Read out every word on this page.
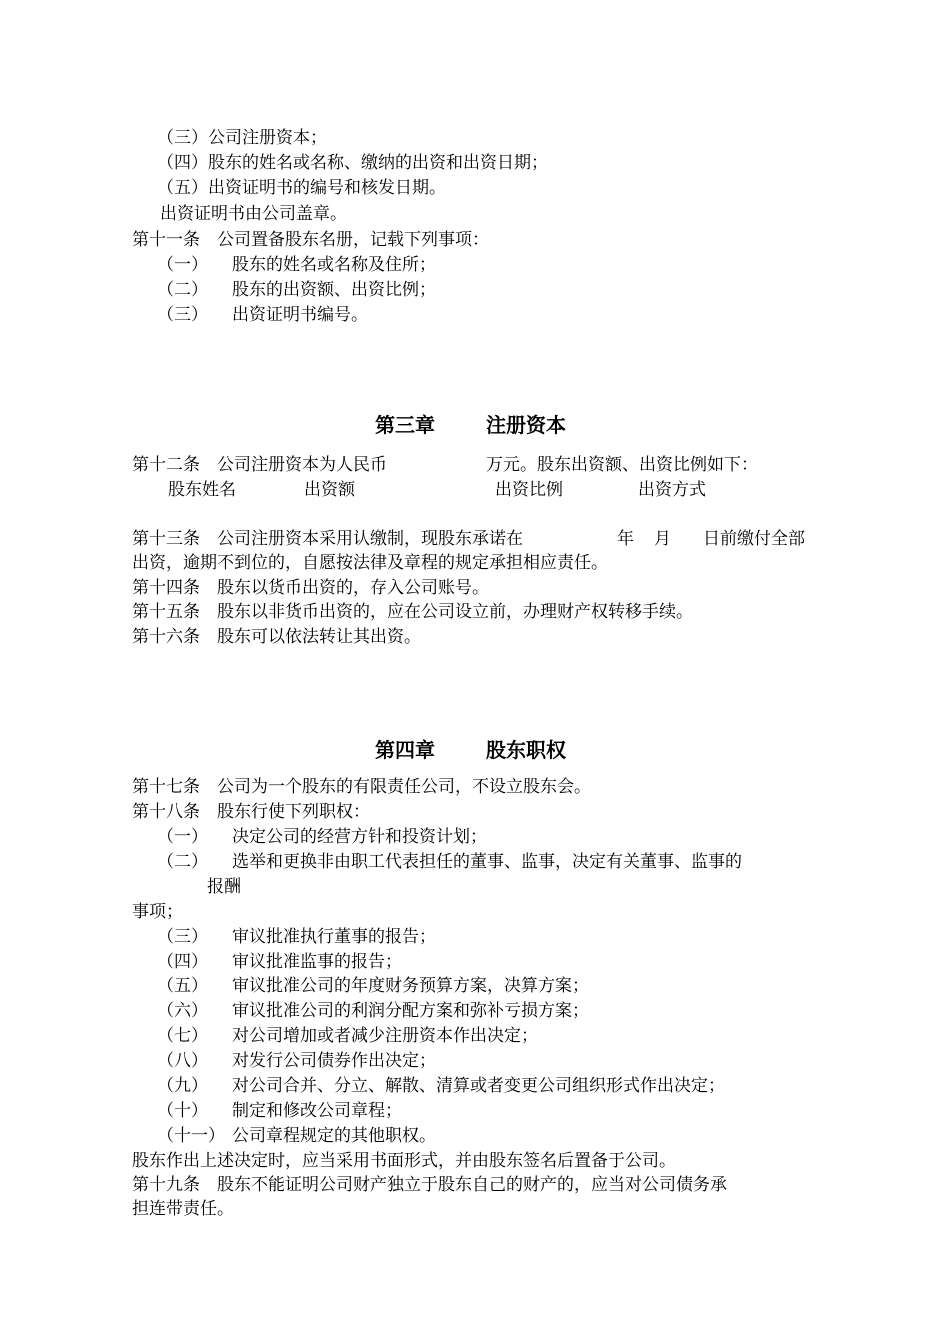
（三）公司注册资本；
（四）股东的姓名或名称、缴纳的出资和出资日期；
（五）出资证明书的编号和核发日期。
出资证明书由公司盖章。
第十一条　公司置备股东名册，记载下列事项：
（一） 股东的姓名或名称及住所；
（二） 股东的出资额、出资比例；
（三） 出资证明书编号。
第三章	注册资本
第十二条　公司注册资本为人民币	万元。股东出资额、出资比例如下：
股东姓名	出资额	出资比例	出资方式
第十三条　公司注册资本采用认缴制，现股东承诺在	年 月 日前缴付全部
出资，逾期不到位的，自愿按法律及章程的规定承担相应责任。
第十四条　股东以货币出资的，存入公司账号。
第十五条　股东以非货币出资的，应在公司设立前，办理财产权转移手续。
第十六条　股东可以依法转让其出资。
第四章	股东职权
第十七条　公司为一个股东的有限责任公司，不设立股东会。
第十八条　股东行使下列职权：
（一） 决定公司的经营方针和投资计划；
（二） 选举和更换非由职工代表担任的董事、监事，决定有关董事、监事的
报酬
事项；
（三） 审议批准执行董事的报告；
（四） 审议批准监事的报告；
（五） 审议批准公司的年度财务预算方案，决算方案；
（六） 审议批准公司的利润分配方案和弥补亏损方案；
（七） 对公司增加或者减少注册资本作出决定；
（八） 对发行公司债券作出决定；
（九） 对公司合并、分立、解散、清算或者变更公司组织形式作出决定；
（十） 制定和修改公司章程；
（十一） 公司章程规定的其他职权。
股东作出上述决定时，应当采用书面形式，并由股东签名后置备于公司。
第十九条　股东不能证明公司财产独立于股东自己的财产的，应当对公司债务承
担连带责任。
